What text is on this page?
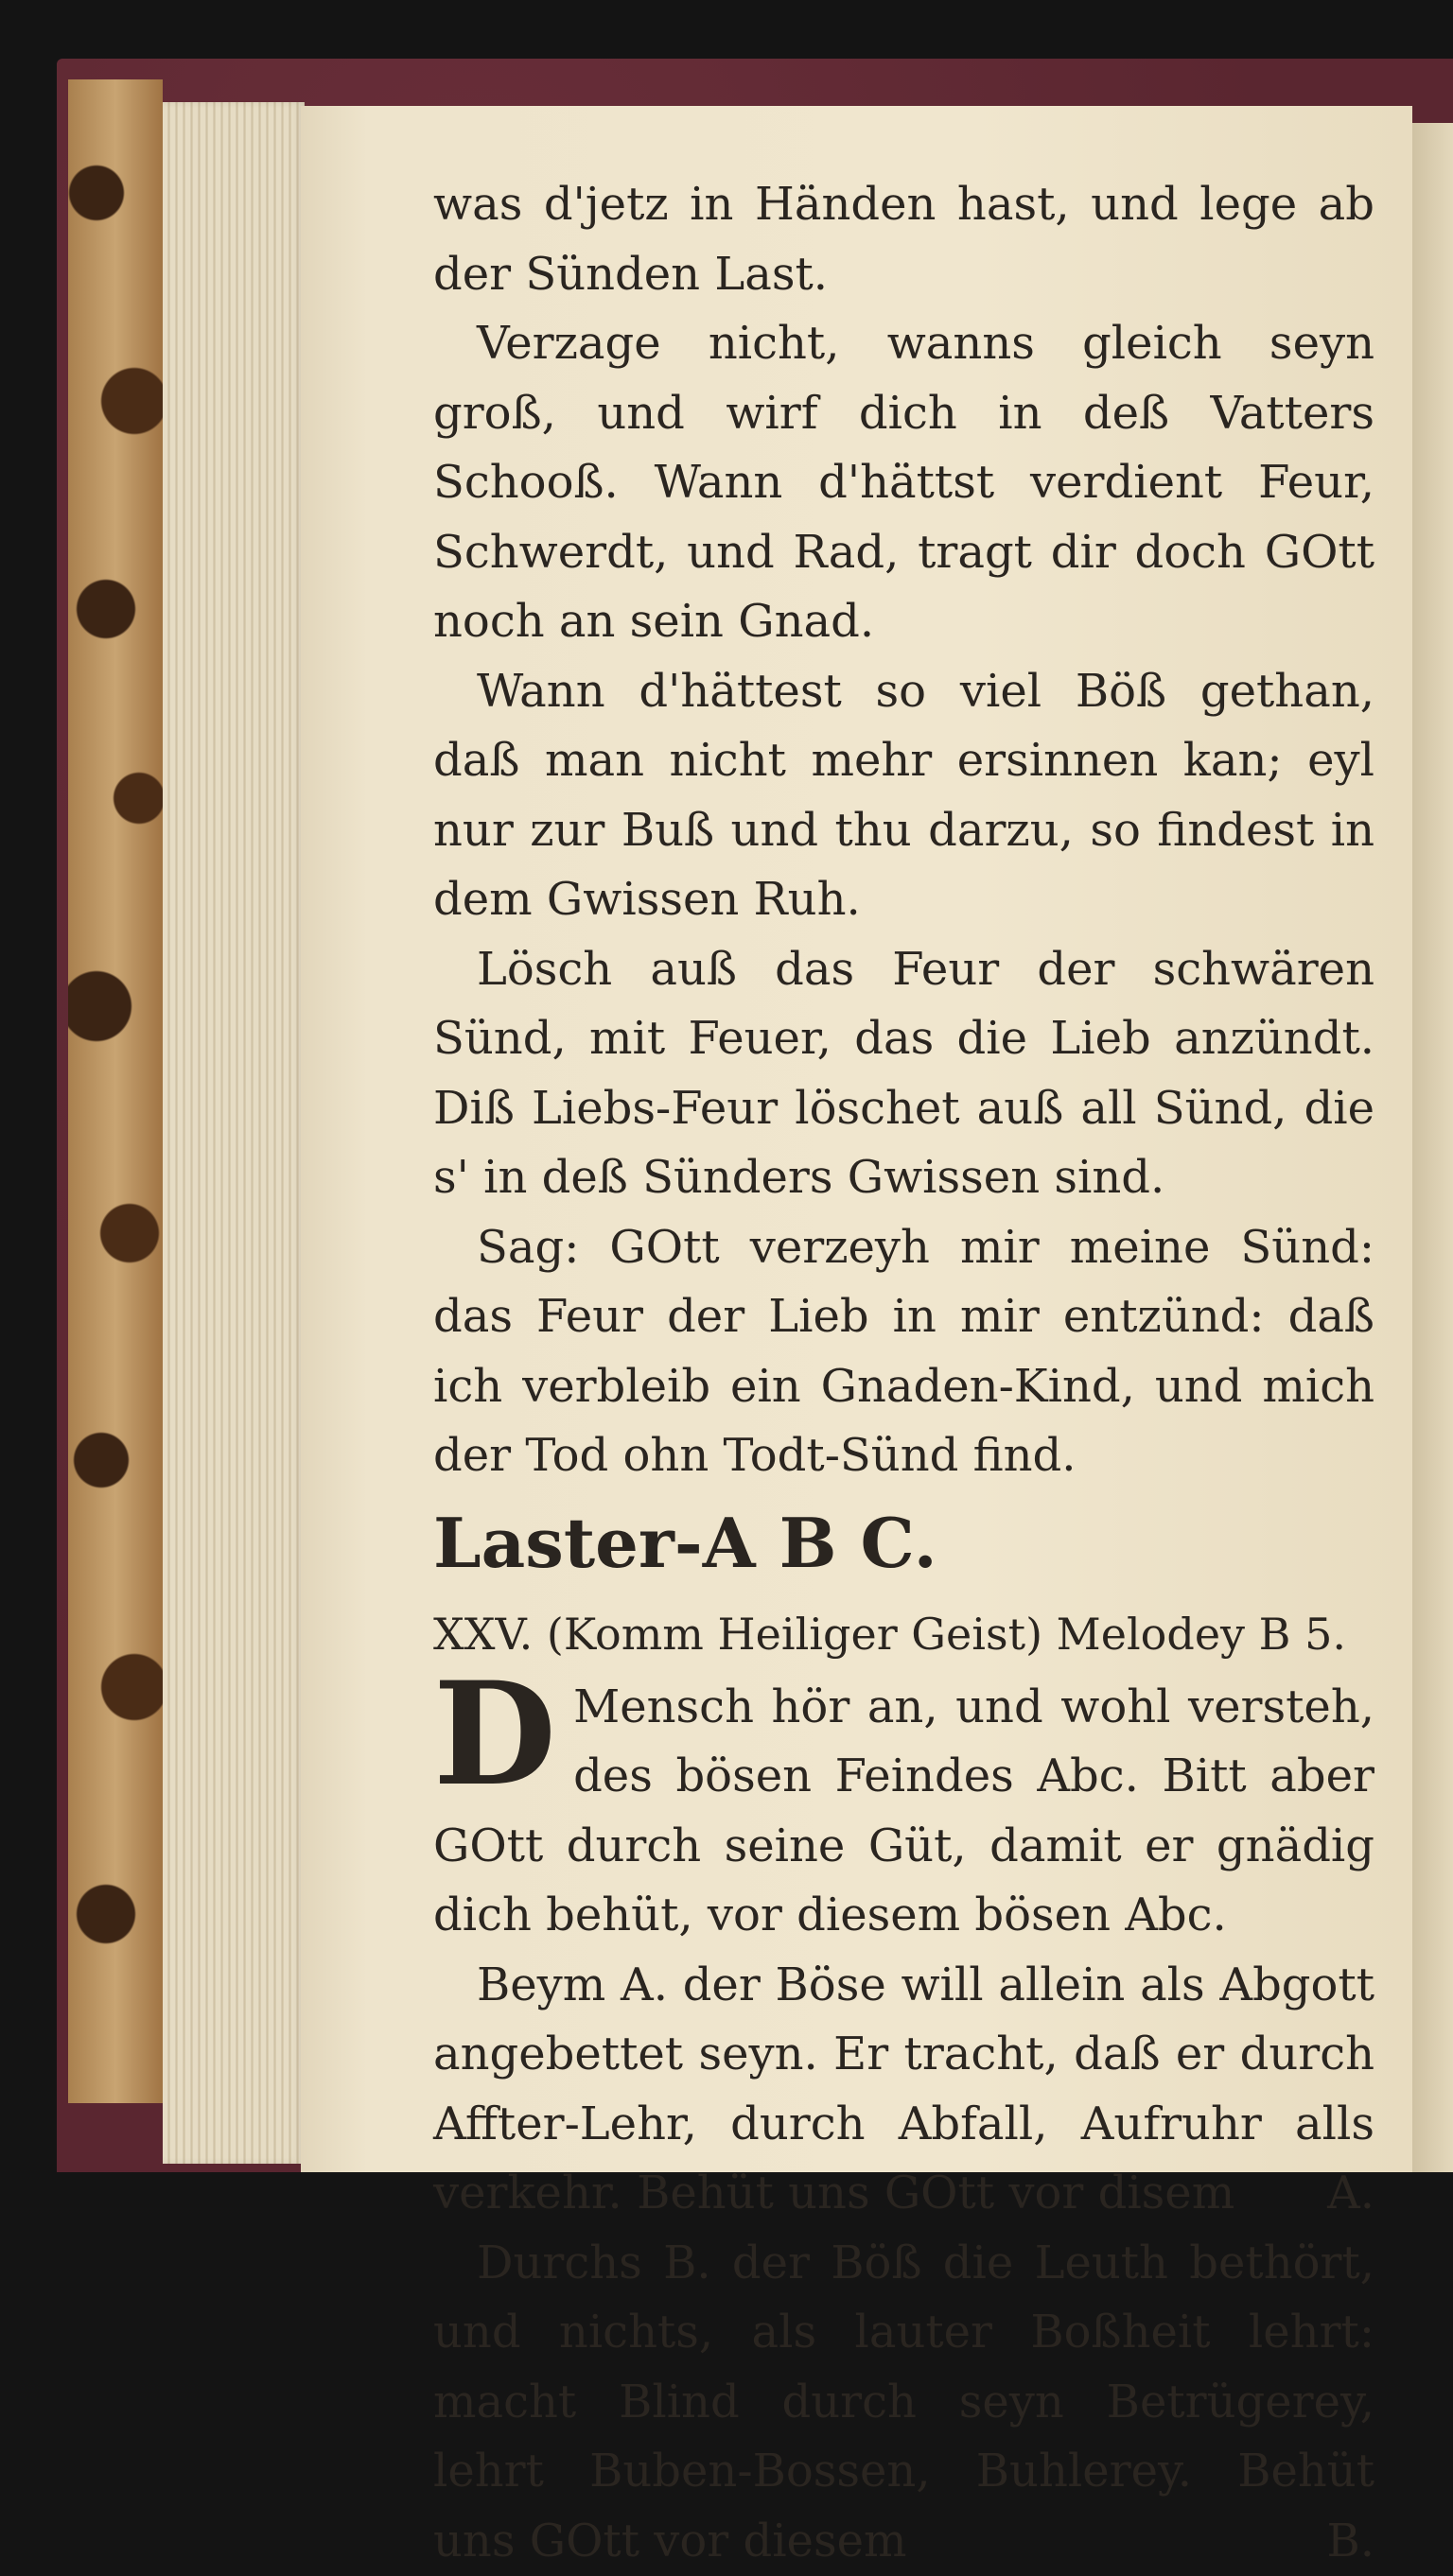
was d'jetz in Händen hast, und lege ab der Sünden Last.

Verzage nicht, wanns gleich seyn groß, und wirf dich in deß Vatters Schooß. Wann d'hättst verdient Feur, Schwerdt, und Rad, tragt dir doch GOtt noch an sein Gnad.

Wann d'hättest so viel Böß gethan, daß man nicht mehr ersinnen kan; eyl nur zur Buß und thu darzu, so findest in dem Gwissen Ruh.

Lösch auß das Feur der schwären Sünd, mit Feuer, das die Lieb anzündt. Diß Liebs-Feur löschet auß all Sünd, die s' in deß Sünders Gwissen sind.

Sag: GOtt verzeyh mir meine Sünd: das Feur der Lieb in mir entzünd: daß ich verbleib ein Gnaden-Kind, und mich der Tod ohn Todt-Sünd find.

Laster-A B C.

XXV. (Komm Heiliger Geist) Melodey B 5.

D Mensch hör an, und wohl versteh, des bösen Feindes Abc. Bitt aber GOtt durch seine Güt, damit er gnädig dich behüt, vor diesem bösen Abc.

Beym A. der Böse will allein als Abgott angebettet seyn. Er tracht, daß er durch Affter-Lehr, durch Abfall, Aufruhr alls verkehr. Behüt uns GOtt vor disem	A.

Durchs B. der Böß die Leuth bethört, und nichts, als lauter Boßheit lehrt: macht Blind durch seyn Betrügerey, lehrt Buben-Bossen, Buhlerey. Behüt uns GOtt vor diesem	B.
